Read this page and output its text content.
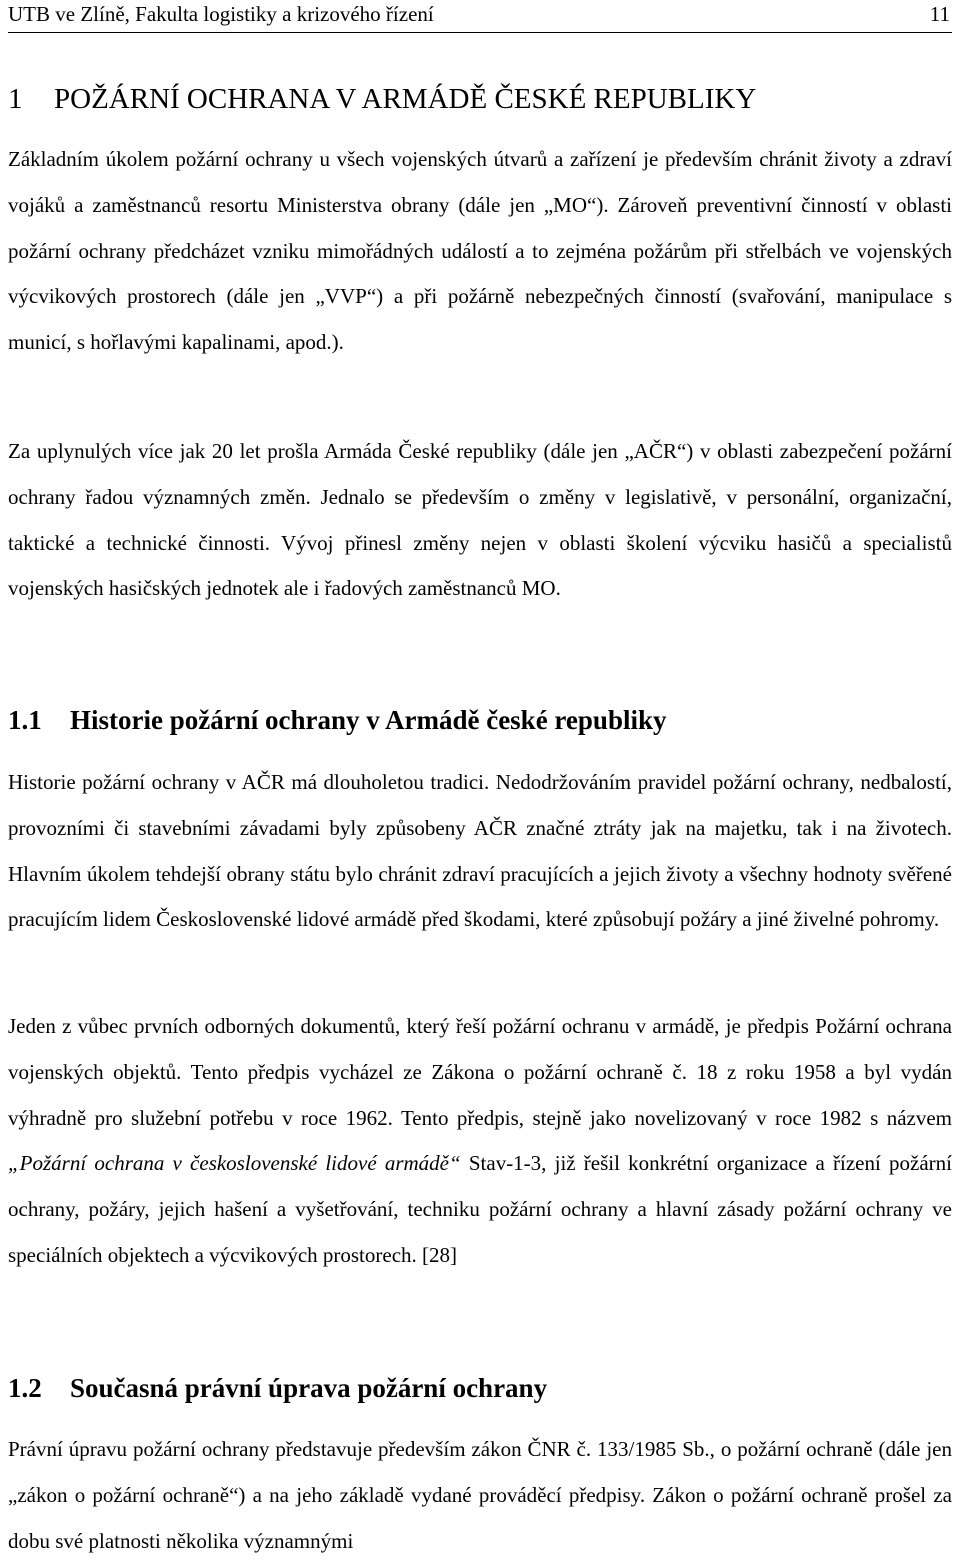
UTB ve Zlíně, Fakulta logistiky a krizového řízení	11
1 POŽÁRNÍ OCHRANA V ARMÁDĚ ČESKÉ REPUBLIKY

Základním úkolem požární ochrany u všech vojenských útvarů a zařízení je především chránit životy a zdraví vojáků a zaměstnanců resortu Ministerstva obrany (dále jen „MO“). Zároveň preventivní činností v oblasti požární ochrany předcházet vzniku mimořádných událostí a to zejména požárům při střelbách ve vojenských výcvikových prostorech (dále jen „VVP“) a při požárně nebezpečných činností (svařování, manipulace s municí, s hořlavými kapalinami, apod.).

Za uplynulých více jak 20 let prošla Armáda České republiky (dále jen „AČR“) v oblasti zabezpečení požární ochrany řadou významných změn. Jednalo se především o změny v legislativě, v personální, organizační, taktické a technické činnosti. Vývoj přinesl změny nejen v oblasti školení výcviku hasičů a specialistů vojenských hasičských jednotek ale i řadových zaměstnanců MO.

1.1 Historie požární ochrany v Armádě české republiky

Historie požární ochrany v AČR má dlouholetou tradici. Nedodržováním pravidel požární ochrany, nedbalostí, provozními či stavebními závadami byly způsobeny AČR značné ztráty jak na majetku, tak i na životech. Hlavním úkolem tehdejší obrany státu bylo chránit zdraví pracujících a jejich životy a všechny hodnoty svěřené pracujícím lidem Československé lidové armádě před škodami, které způsobují požáry a jiné živelné pohromy.

Jeden z vůbec prvních odborných dokumentů, který řeší požární ochranu v armádě, je předpis Požární ochrana vojenských objektů. Tento předpis vycházel ze Zákona o požární ochraně č. 18 z roku 1958 a byl vydán výhradně pro služební potřebu v roce 1962. Tento předpis, stejně jako novelizovaný v roce 1982 s názvem „Požární ochrana v československé lidové armádě“ Stav-1-3, již řešil konkrétní organizace a řízení požární ochrany, požáry, jejich hašení a vyšetřování, techniku požární ochrany a hlavní zásady požární ochrany ve speciálních objektech a výcvikových prostorech. [28]

1.2 Současná právní úprava požární ochrany

Právní úpravu požární ochrany představuje především zákon ČNR č. 133/1985 Sb., o požární ochraně (dále jen „zákon o požární ochraně“) a na jeho základě vydané prováděcí předpisy. Zákon o požární ochraně prošel za dobu své platnosti několika významnými
